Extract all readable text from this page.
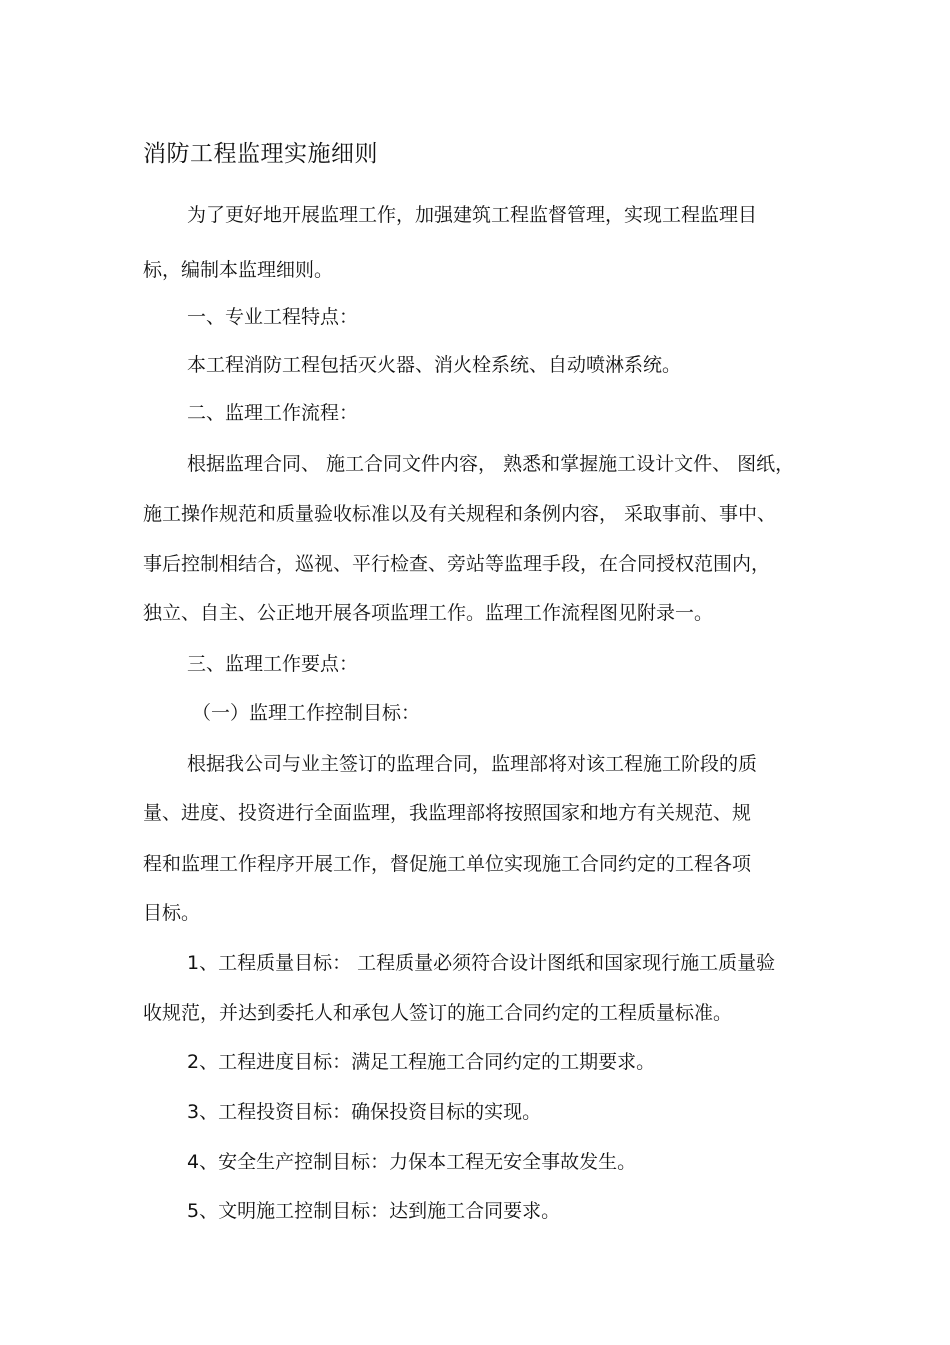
消防工程监理实施细则
为了更好地开展监理工作，加强建筑工程监督管理，实现工程监理目
标，编制本监理细则。
一、专业工程特点：
本工程消防工程包括灭火器、消火栓系统、自动喷淋系统。
二、监理工作流程：
根据监理合同、 施工合同文件内容， 熟悉和掌握施工设计文件、 图纸，
施工操作规范和质量验收标准以及有关规程和条例内容， 采取事前、事中、
事后控制相结合，巡视、平行检查、旁站等监理手段，在合同授权范围内，
独立、自主、公正地开展各项监理工作。监理工作流程图见附录一。
三、监理工作要点：
（一）监理工作控制目标：
根据我公司与业主签订的监理合同，监理部将对该工程施工阶段的质
量、进度、投资进行全面监理，我监理部将按照国家和地方有关规范、规
程和监理工作程序开展工作，督促施工单位实现施工合同约定的工程各项
目标。
1、工程质量目标： 工程质量必须符合设计图纸和国家现行施工质量验
收规范，并达到委托人和承包人签订的施工合同约定的工程质量标准。
2、工程进度目标：满足工程施工合同约定的工期要求。
3、工程投资目标：确保投资目标的实现。
4、安全生产控制目标：力保本工程无安全事故发生。
5、文明施工控制目标：达到施工合同要求。
